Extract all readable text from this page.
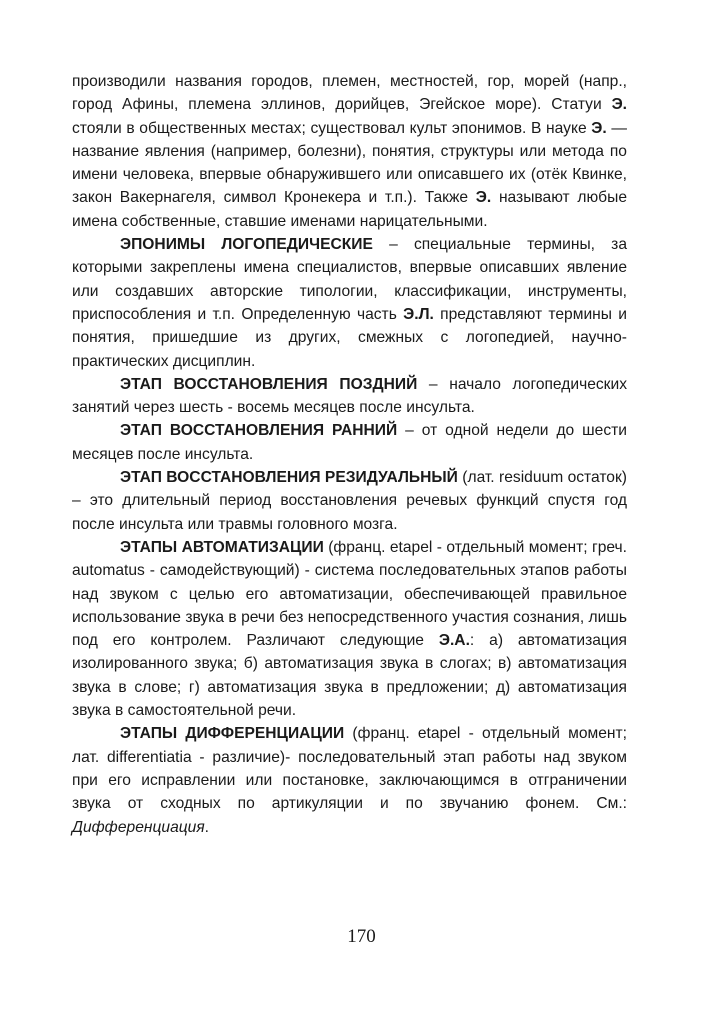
производили названия городов, племен, местностей, гор, морей (напр., город Афины, племена эллинов, дорийцев, Эгейское море). Статуи Э. стояли в общественных местах; существовал культ эпонимов. В науке Э. — название явления (например, болезни), понятия, структуры или метода по имени человека, впервые обнаружившего или описавшего их (отёк Квинке, закон Вакернагеля, символ Кронекера и т.п.). Также Э. называют любые имена собственные, ставшие именами нарицательными.

ЭПОНИМЫ ЛОГОПЕДИЧЕСКИЕ – специальные термины, за которыми закреплены имена специалистов, впервые описавших явление или создавших авторские типологии, классификации, инструменты, приспособления и т.п. Определенную часть Э.Л. представляют термины и понятия, пришедшие из других, смежных с логопедией, научно-практических дисциплин.

ЭТАП ВОССТАНОВЛЕНИЯ ПОЗДНИЙ – начало логопедических занятий через шесть - восемь месяцев после инсульта.

ЭТАП ВОССТАНОВЛЕНИЯ РАННИЙ – от одной недели до шести месяцев после инсульта.

ЭТАП ВОССТАНОВЛЕНИЯ РЕЗИДУАЛЬНЫЙ (лат. residuum остаток) – это длительный период восстановления речевых функций спустя год после инсульта или травмы головного мозга.

ЭТАПЫ АВТОМАТИЗАЦИИ (франц. etapel - отдельный момент; греч. automatus - самодействующий) - система последовательных этапов работы над звуком с целью его автоматизации, обеспечивающей правильное использование звука в речи без непосредственного участия сознания, лишь под его контролем. Различают следующие Э.А.: а) автоматизация изолированного звука; б) автоматизация звука в слогах; в) автоматизация звука в слове; г) автоматизация звука в предложении; д) автоматизация звука в самостоятельной речи.

ЭТАПЫ ДИФФЕРЕНЦИАЦИИ (франц. etapel - отдельный момент; лат. differentiatia - различие)- последовательный этап работы над звуком при его исправлении или постановке, заключающимся в отграничении звука от сходных по артикуляции и по звучанию фонем. См.: Дифференциация.

170
